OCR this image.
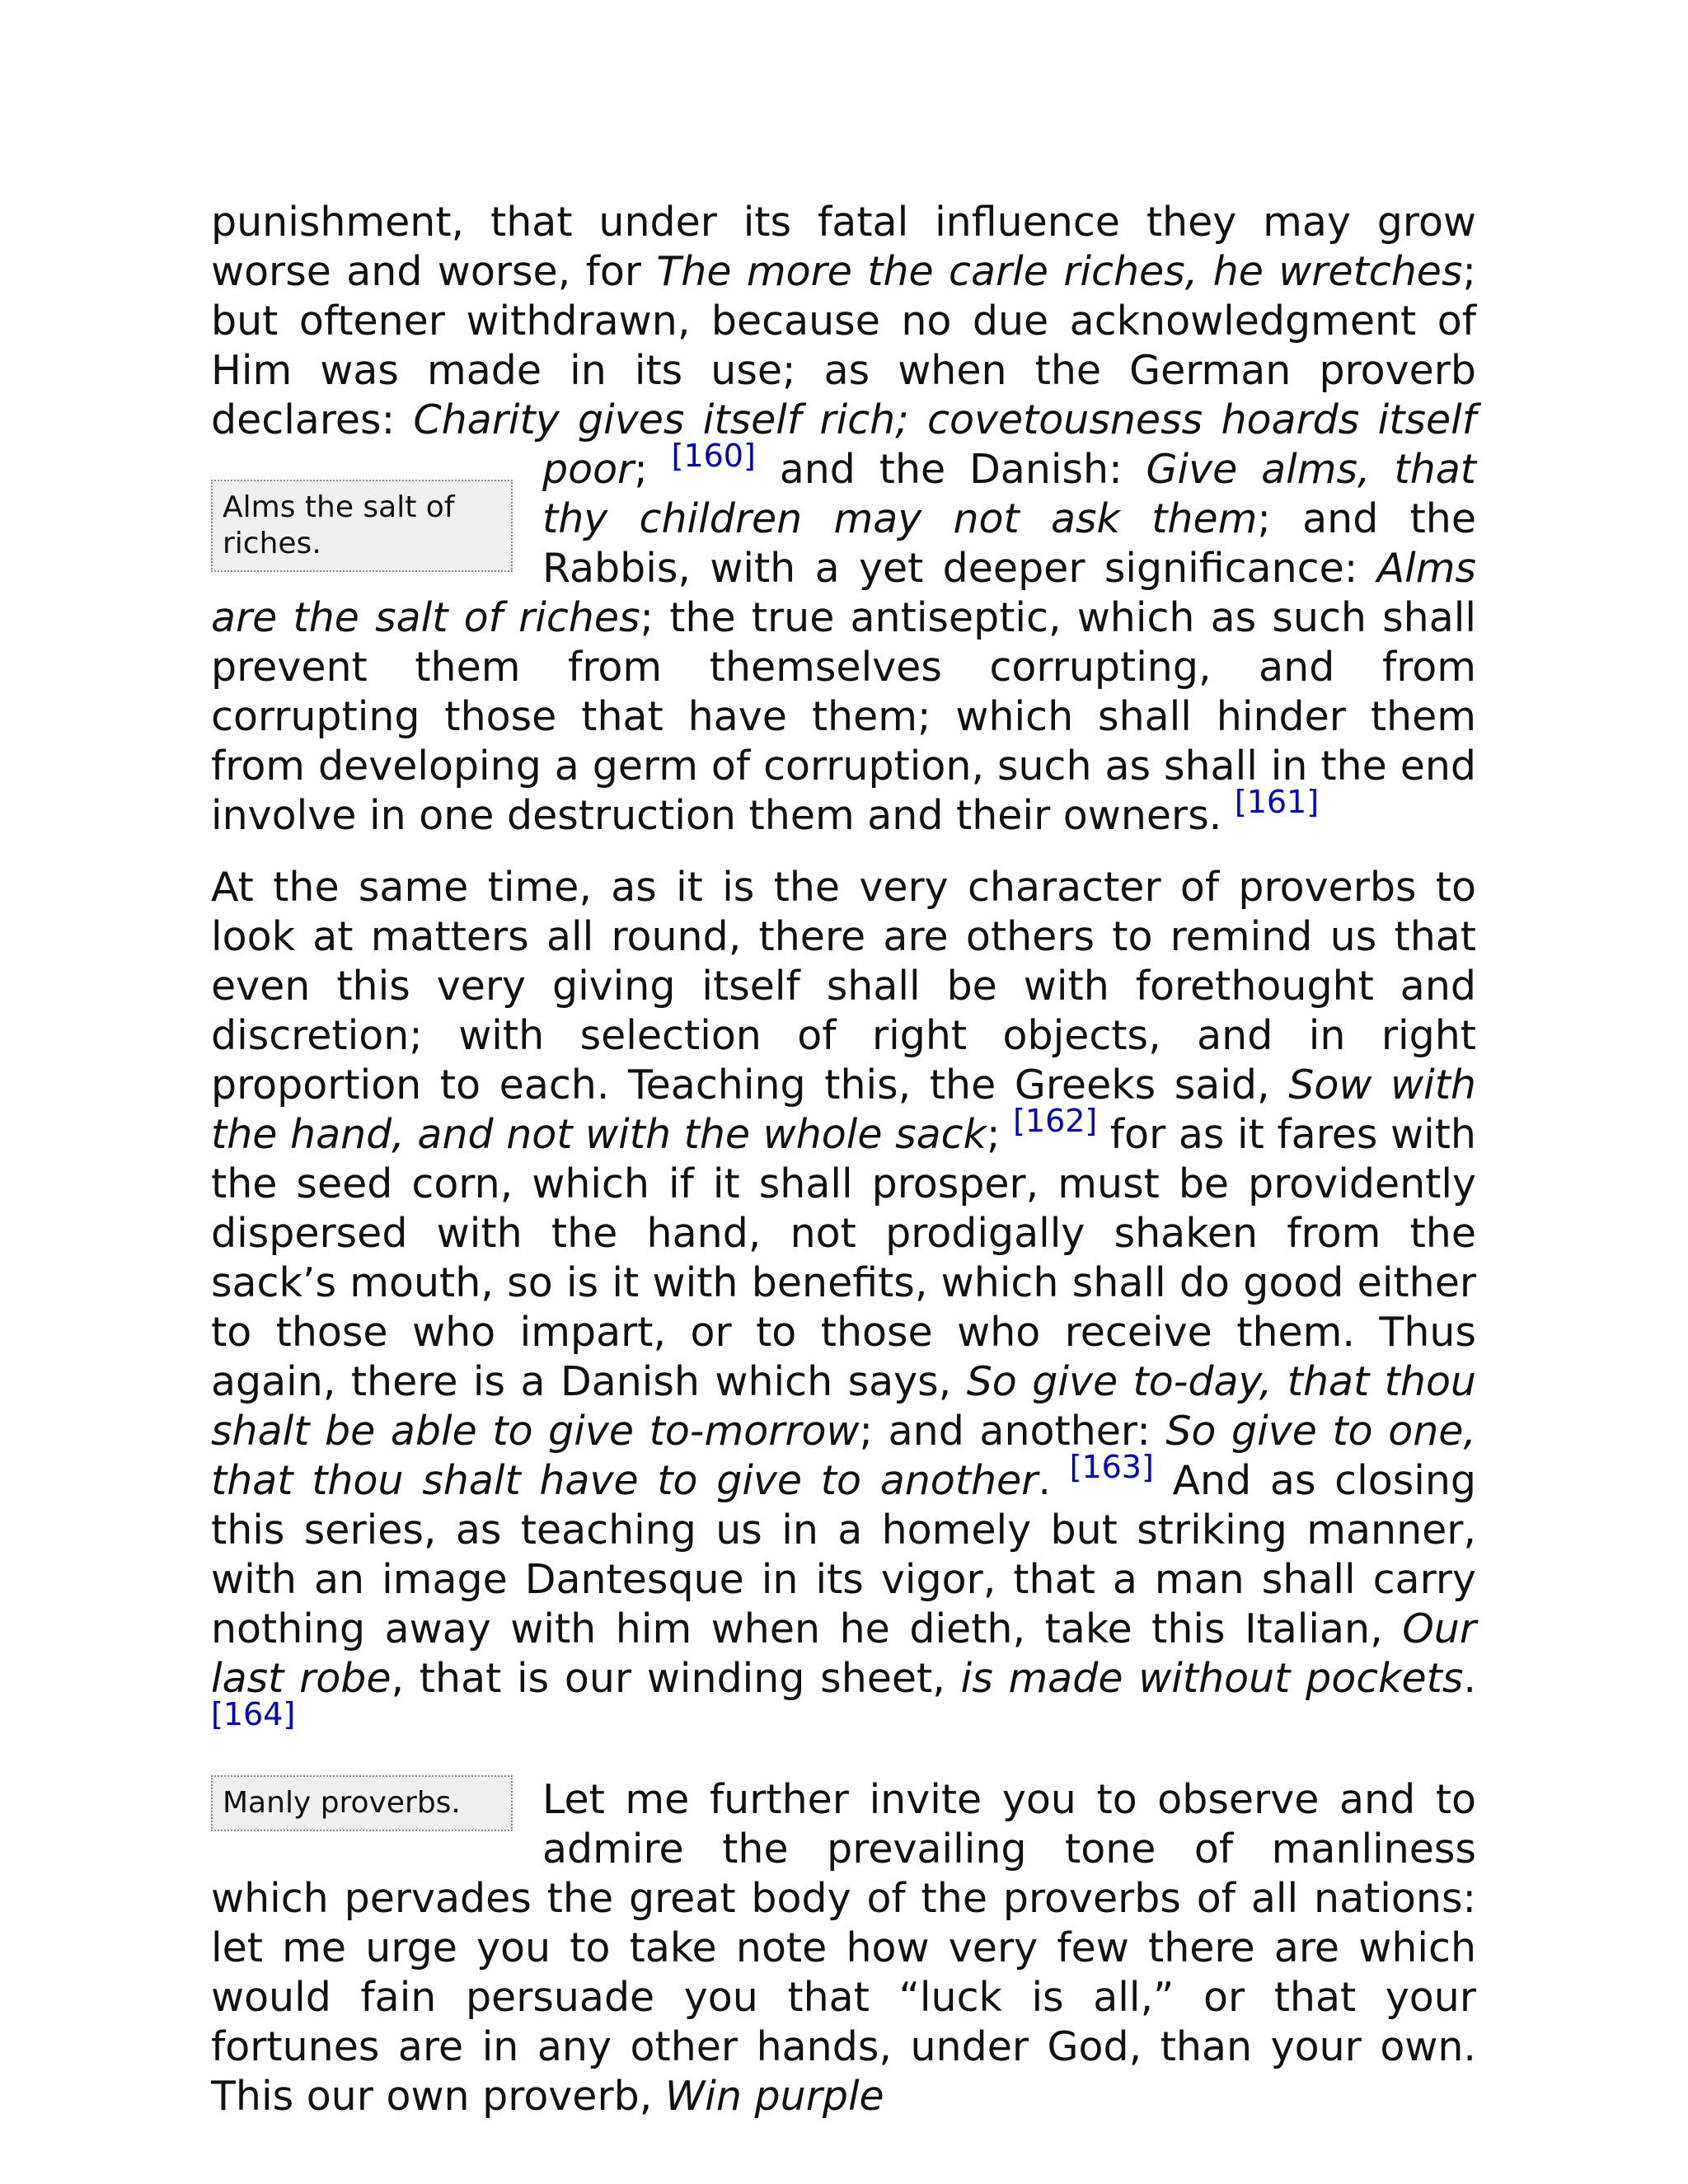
punishment, that under its fatal influence they may grow worse and worse, for The more the carle riches, he wretches; but oftener withdrawn, because no due acknowledgment of Him was made in its use; as when the German proverb declares: Charity gives itself rich; covetousness hoards itself poor; [160] and the Danish:
Alms the salt of riches.
Give alms, that thy children may not ask them; and the Rabbis, with a yet deeper significance: Alms are the salt of riches; the true antiseptic, which as such shall prevent them from themselves corrupting, and from corrupting those that have them; which shall hinder them from developing a germ of corruption, such as shall in the end involve in one destruction them and their owners. [161]

At the same time, as it is the very character of proverbs to look at matters all round, there are others to remind us that even this very giving itself shall be with forethought and discretion; with selection of right objects, and in right proportion to each. Teaching this, the Greeks said, Sow with the hand, and not with the whole sack; [162] for as it fares with the seed corn, which if it shall prosper, must be providently dispersed with the hand, not prodigally shaken from the sack’s mouth, so is it with benefits, which shall do good either to those who impart, or to those who receive them. Thus again, there is a Danish which says, So give to-day, that thou shalt be able to give to-morrow; and another: So give to one, that thou shalt have to give to another. [163] And as closing this series, as teaching us in a homely but striking manner, with an image Dantesque in its vigor, that a man shall carry nothing away with him when he dieth, take this Italian, Our last robe, that is our winding sheet, is made without pockets. [164]

Manly proverbs.	Let me further invite you to observe and to admire the prevailing tone of manliness which pervades the great body of the proverbs of all nations: let me urge you to take note how very few there are which would fain persuade you that “luck is all,” or that your fortunes are in any other hands, under God, than your own. This our own proverb, Win purple
